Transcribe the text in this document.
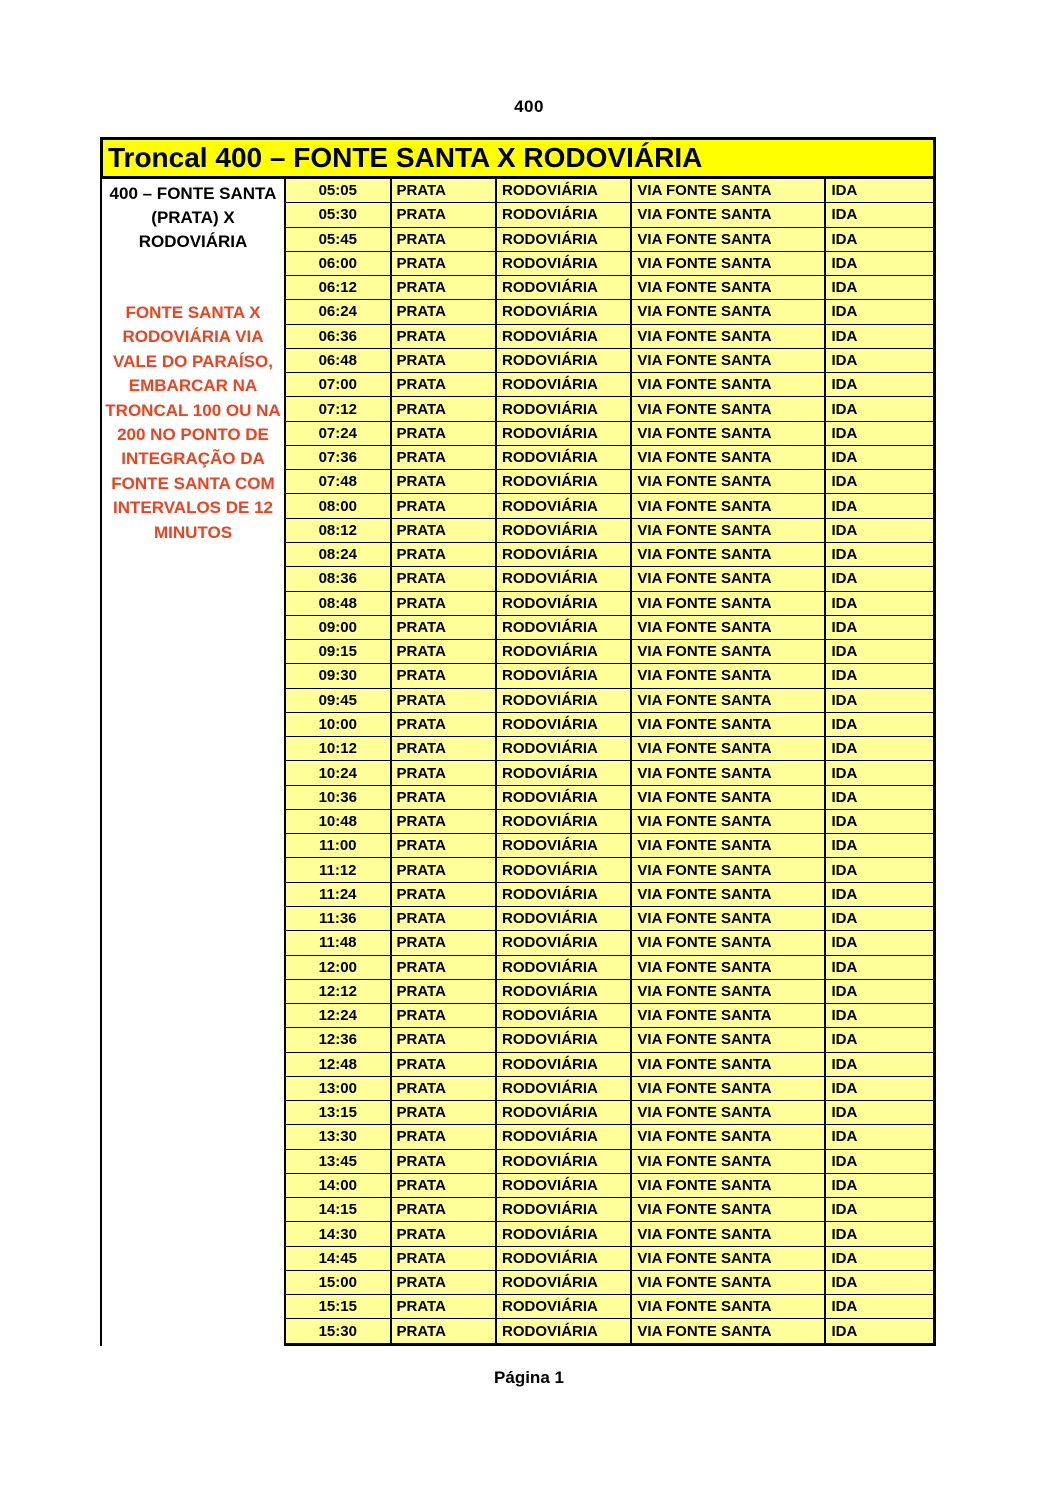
400
Troncal 400 – FONTE SANTA X RODOVIÁRIA
400 – FONTE SANTA (PRATA) X RODOVIÁRIA
FONTE SANTA X RODOVIÁRIA VIA VALE DO PARAÍSO, EMBARCAR NA TRONCAL 100 OU NA 200 NO PONTO DE INTEGRAÇÃO DA FONTE SANTA COM INTERVALOS DE 12 MINUTOS
05:05	PRATA	RODOVIÁRIA	VIA FONTE SANTA	IDA
05:30	PRATA	RODOVIÁRIA	VIA FONTE SANTA	IDA
05:45	PRATA	RODOVIÁRIA	VIA FONTE SANTA	IDA
06:00	PRATA	RODOVIÁRIA	VIA FONTE SANTA	IDA
06:12	PRATA	RODOVIÁRIA	VIA FONTE SANTA	IDA
06:24	PRATA	RODOVIÁRIA	VIA FONTE SANTA	IDA
06:36	PRATA	RODOVIÁRIA	VIA FONTE SANTA	IDA
06:48	PRATA	RODOVIÁRIA	VIA FONTE SANTA	IDA
07:00	PRATA	RODOVIÁRIA	VIA FONTE SANTA	IDA
07:12	PRATA	RODOVIÁRIA	VIA FONTE SANTA	IDA
07:24	PRATA	RODOVIÁRIA	VIA FONTE SANTA	IDA
07:36	PRATA	RODOVIÁRIA	VIA FONTE SANTA	IDA
07:48	PRATA	RODOVIÁRIA	VIA FONTE SANTA	IDA
08:00	PRATA	RODOVIÁRIA	VIA FONTE SANTA	IDA
08:12	PRATA	RODOVIÁRIA	VIA FONTE SANTA	IDA
08:24	PRATA	RODOVIÁRIA	VIA FONTE SANTA	IDA
08:36	PRATA	RODOVIÁRIA	VIA FONTE SANTA	IDA
08:48	PRATA	RODOVIÁRIA	VIA FONTE SANTA	IDA
09:00	PRATA	RODOVIÁRIA	VIA FONTE SANTA	IDA
09:15	PRATA	RODOVIÁRIA	VIA FONTE SANTA	IDA
09:30	PRATA	RODOVIÁRIA	VIA FONTE SANTA	IDA
09:45	PRATA	RODOVIÁRIA	VIA FONTE SANTA	IDA
10:00	PRATA	RODOVIÁRIA	VIA FONTE SANTA	IDA
10:12	PRATA	RODOVIÁRIA	VIA FONTE SANTA	IDA
10:24	PRATA	RODOVIÁRIA	VIA FONTE SANTA	IDA
10:36	PRATA	RODOVIÁRIA	VIA FONTE SANTA	IDA
10:48	PRATA	RODOVIÁRIA	VIA FONTE SANTA	IDA
11:00	PRATA	RODOVIÁRIA	VIA FONTE SANTA	IDA
11:12	PRATA	RODOVIÁRIA	VIA FONTE SANTA	IDA
11:24	PRATA	RODOVIÁRIA	VIA FONTE SANTA	IDA
11:36	PRATA	RODOVIÁRIA	VIA FONTE SANTA	IDA
11:48	PRATA	RODOVIÁRIA	VIA FONTE SANTA	IDA
12:00	PRATA	RODOVIÁRIA	VIA FONTE SANTA	IDA
12:12	PRATA	RODOVIÁRIA	VIA FONTE SANTA	IDA
12:24	PRATA	RODOVIÁRIA	VIA FONTE SANTA	IDA
12:36	PRATA	RODOVIÁRIA	VIA FONTE SANTA	IDA
12:48	PRATA	RODOVIÁRIA	VIA FONTE SANTA	IDA
13:00	PRATA	RODOVIÁRIA	VIA FONTE SANTA	IDA
13:15	PRATA	RODOVIÁRIA	VIA FONTE SANTA	IDA
13:30	PRATA	RODOVIÁRIA	VIA FONTE SANTA	IDA
13:45	PRATA	RODOVIÁRIA	VIA FONTE SANTA	IDA
14:00	PRATA	RODOVIÁRIA	VIA FONTE SANTA	IDA
14:15	PRATA	RODOVIÁRIA	VIA FONTE SANTA	IDA
14:30	PRATA	RODOVIÁRIA	VIA FONTE SANTA	IDA
14:45	PRATA	RODOVIÁRIA	VIA FONTE SANTA	IDA
15:00	PRATA	RODOVIÁRIA	VIA FONTE SANTA	IDA
15:15	PRATA	RODOVIÁRIA	VIA FONTE SANTA	IDA
15:30	PRATA	RODOVIÁRIA	VIA FONTE SANTA	IDA
Página 1
